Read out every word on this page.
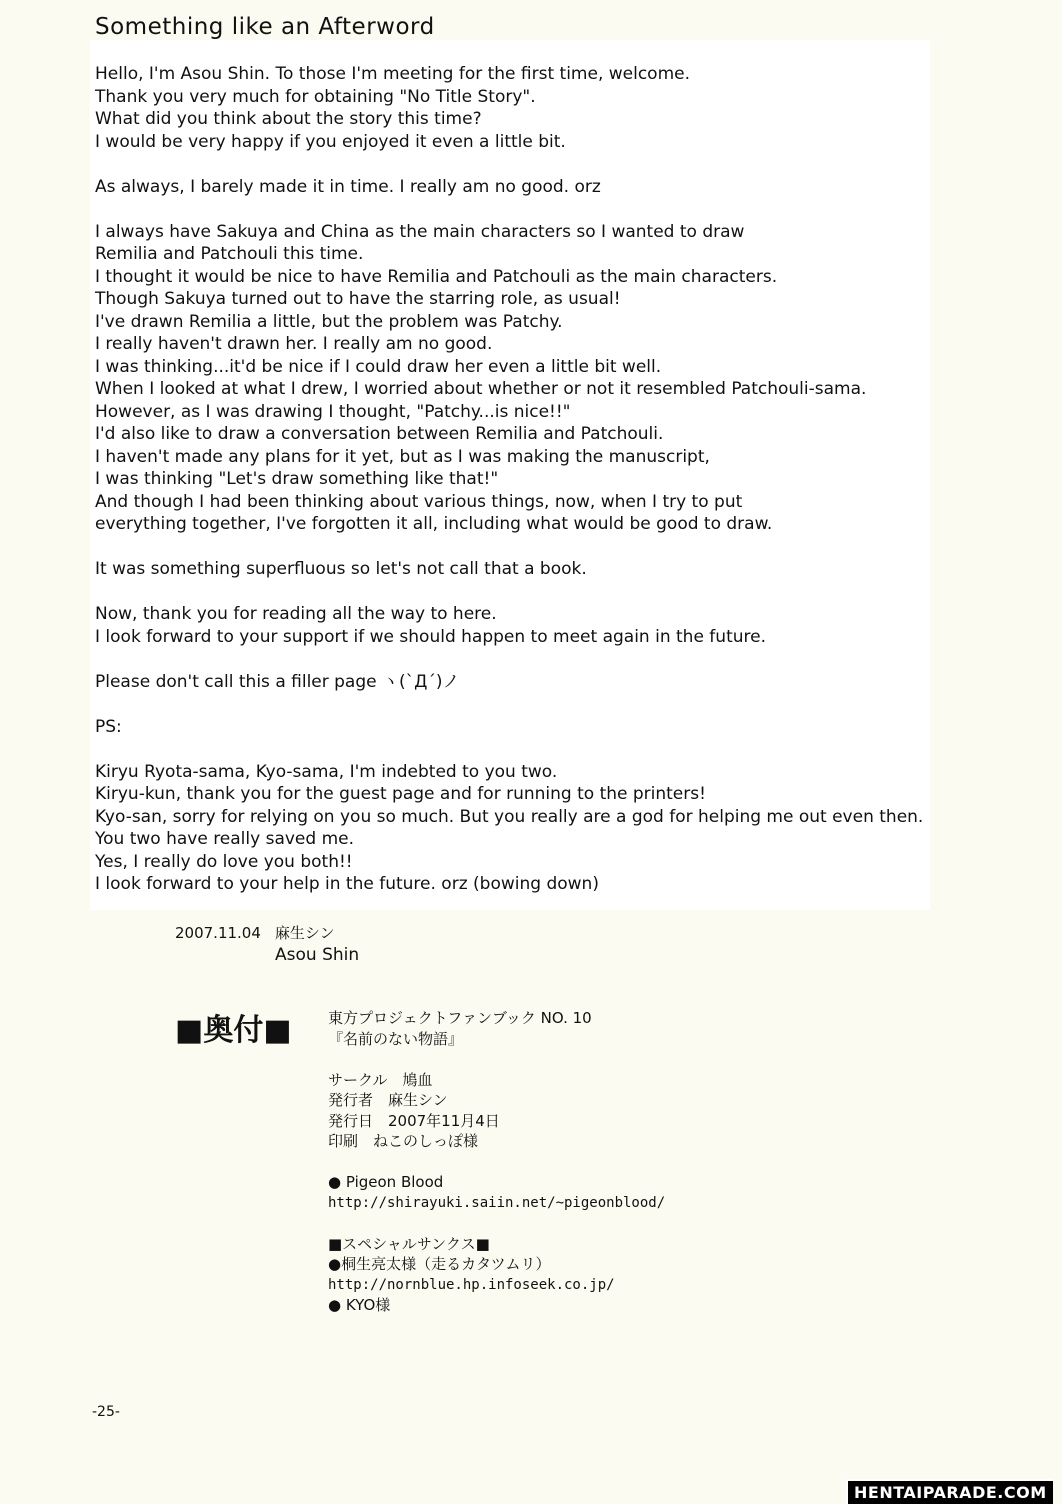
Something like an Afterword

Hello, I'm Asou Shin. To those I'm meeting for the first time, welcome.
Thank you very much for obtaining "No Title Story".
What did you think about the story this time?
I would be very happy if you enjoyed it even a little bit.

As always, I barely made it in time. I really am no good. orz

I always have Sakuya and China as the main characters so I wanted to draw
Remilia and Patchouli this time.
I thought it would be nice to have Remilia and Patchouli as the main characters.
Though Sakuya turned out to have the starring role, as usual!
I've drawn Remilia a little, but the problem was Patchy.
I really haven't drawn her. I really am no good.
I was thinking...it'd be nice if I could draw her even a little bit well.
When I looked at what I drew, I worried about whether or not it resembled Patchouli-sama.
However, as I was drawing I thought, "Patchy...is nice!!"
I'd also like to draw a conversation between Remilia and Patchouli.
I haven't made any plans for it yet, but as I was making the manuscript,
I was thinking "Let's draw something like that!"
And though I had been thinking about various things, now, when I try to put
everything together, I've forgotten it all, including what would be good to draw.

It was something superfluous so let's not call that a book.

Now, thank you for reading all the way to here.
I look forward to your support if we should happen to meet again in the future.

Please don't call this a filler page ヽ(`Д´)ノ

PS:

Kiryu Ryota-sama, Kyo-sama, I'm indebted to you two.
Kiryu-kun, thank you for the guest page and for running to the printers!
Kyo-san, sorry for relying on you so much. But you really are a god for helping me out even then.
You two have really saved me.
Yes, I really do love you both!!
I look forward to your help in the future. orz (bowing down)

2007.11.04 麻生シン
Asou Shin
■奥付■ 東方プロジェクトファンブック NO. 10
『名前のない物語』
サークル　鳩血
発行者　麻生シン
発行日　2007年11月4日
印刷　ねこのしっぽ様
● Pigeon Blood
http://shirayuki.saiin.net/~pigeonblood/
■スペシャルサンクス■
●桐生亮太様（走るカタツムリ）
http://nornblue.hp.infoseek.co.jp/
● KYO様
-25-
HENTAIPARADE.COM
